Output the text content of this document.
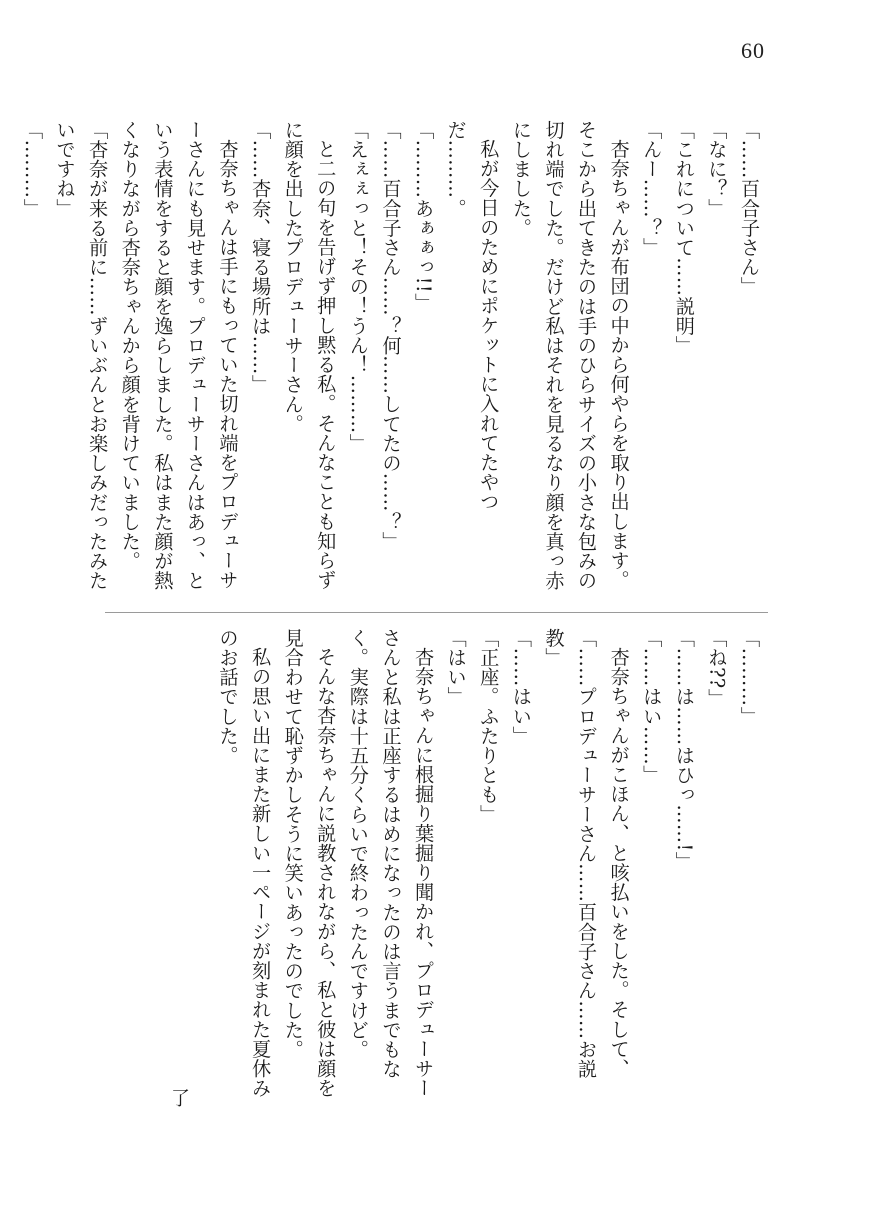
60

「……百合子さん」

「なに？」

「これについて……説明」

「んー……？」

杏奈ちゃんが布団の中から何やらを取り出します。そこから出てきたのは手のひらサイズの小さな包みの切れ端でした。だけど私はそれを見るなり顔を真っ赤にしました。

私が今日のためにポケットに入れてたやつだ………。

「………あぁぁっ!!」

「……百合子さん……？何……してたの……？」

「えぇぇっと！その！うん！………」

と二の句を告げず押し黙る私。そんなことも知らずに顔を出したプロデューサーさん。

「……杏奈、寝る場所は……」

杏奈ちゃんは手にもっていた切れ端をプロデューサーさんにも見せます。プロデューサーさんはあっ、という表情をすると顔を逸らしました。私はまた顔が熱くなりながら杏奈ちゃんから顔を背けていました。

「杏奈が来る前に……ずいぶんとお楽しみだったみたいですね」

「………」

「………」

「ね??」

「……は……はひっ……!」

「……はい……」

杏奈ちゃんがこほん、と咳払いをした。そして、

「……プロデューサーさん……百合子さん……お説教」

「……はい」

「正座。ふたりとも」

「はい」

杏奈ちゃんに根掘り葉掘り聞かれ、プロデューサーさんと私は正座するはめになったのは言うまでもなく。実際は十五分くらいで終わったんですけど。

そんな杏奈ちゃんに説教されながら、私と彼は顔を見合わせて恥ずかしそうに笑いあったのでした。

私の思い出にまた新しい一ページが刻まれた夏休みのお話でした。

了
